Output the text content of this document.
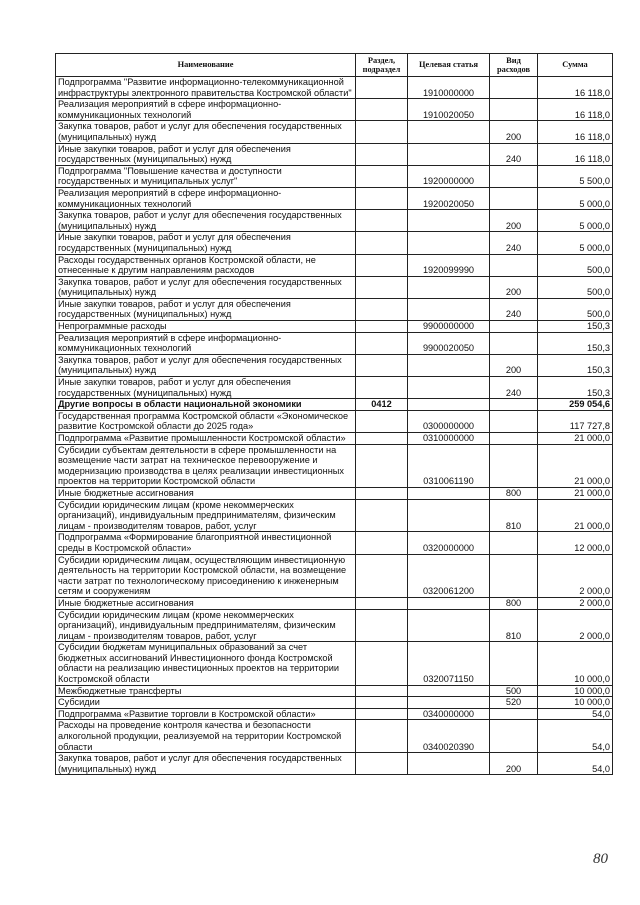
Наименование	Раздел, подраздел	Целевая статья	Вид расходов	Сумма
Подпрограмма "Развитие информационно-телекоммуникационной инфраструктуры электронного правительства Костромской области"		1910000000		16 118,0
Реализация мероприятий в сфере информационно-коммуникационных технологий		1910020050		16 118,0
Закупка товаров, работ и услуг для обеспечения государственных (муниципальных) нужд			200	16 118,0
Иные закупки товаров, работ и услуг для обеспечения государственных (муниципальных) нужд			240	16 118,0
Подпрограмма "Повышение качества и доступности государственных и муниципальных услуг"		1920000000		5 500,0
Реализация мероприятий в сфере информационно-коммуникационных технологий		1920020050		5 000,0
Закупка товаров, работ и услуг для обеспечения государственных (муниципальных) нужд			200	5 000,0
Иные закупки товаров, работ и услуг для обеспечения государственных (муниципальных) нужд			240	5 000,0
Расходы государственных органов Костромской области, не отнесенные к другим направлениям расходов		1920099990		500,0
Закупка товаров, работ и услуг для обеспечения государственных (муниципальных) нужд			200	500,0
Иные закупки товаров, работ и услуг для обеспечения государственных (муниципальных) нужд			240	500,0
Непрограммные расходы		9900000000		150,3
Реализация мероприятий в сфере информационно-коммуникационных технологий		9900020050		150,3
Закупка товаров, работ и услуг для обеспечения государственных (муниципальных) нужд			200	150,3
Иные закупки товаров, работ и услуг для обеспечения государственных (муниципальных) нужд			240	150,3
Другие вопросы в области национальной экономики	0412			259 054,6
Государственная программа Костромской области «Экономическое развитие Костромской области до 2025 года»		0300000000		117 727,8
Подпрограмма «Развитие промышленности Костромской области»		0310000000		21 000,0
Субсидии субъектам деятельности в сфере промышленности на возмещение части затрат на техническое перевооружение и модернизацию производства в целях реализации инвестиционных проектов на территории Костромской области		0310061190		21 000,0
Иные бюджетные ассигнования			800	21 000,0
Субсидии юридическим лицам (кроме некоммерческих организаций), индивидуальным предпринимателям, физическим лицам - производителям товаров, работ, услуг			810	21 000,0
Подпрограмма «Формирование благоприятной инвестиционной среды в Костромской области»		0320000000		12 000,0
Субсидии юридическим лицам, осуществляющим инвестиционную деятельность на территории Костромской области, на возмещение части затрат по технологическому присоединению к инженерным сетям и сооружениям		0320061200		2 000,0
Иные бюджетные ассигнования			800	2 000,0
Субсидии юридическим лицам (кроме некоммерческих организаций), индивидуальным предпринимателям, физическим лицам - производителям товаров, работ, услуг			810	2 000,0
Субсидии бюджетам муниципальных образований за счет бюджетных ассигнований Инвестиционного фонда Костромской области на реализацию инвестиционных проектов на территории Костромской области		0320071150		10 000,0
Межбюджетные трансферты			500	10 000,0
Субсидии			520	10 000,0
Подпрограмма «Развитие торговли в Костромской области»		0340000000		54,0
Расходы на проведение контроля качества и безопасности алкогольной продукции, реализуемой на территории Костромской области		0340020390		54,0
Закупка товаров, работ и услуг для обеспечения государственных (муниципальных) нужд			200	54,0
80
